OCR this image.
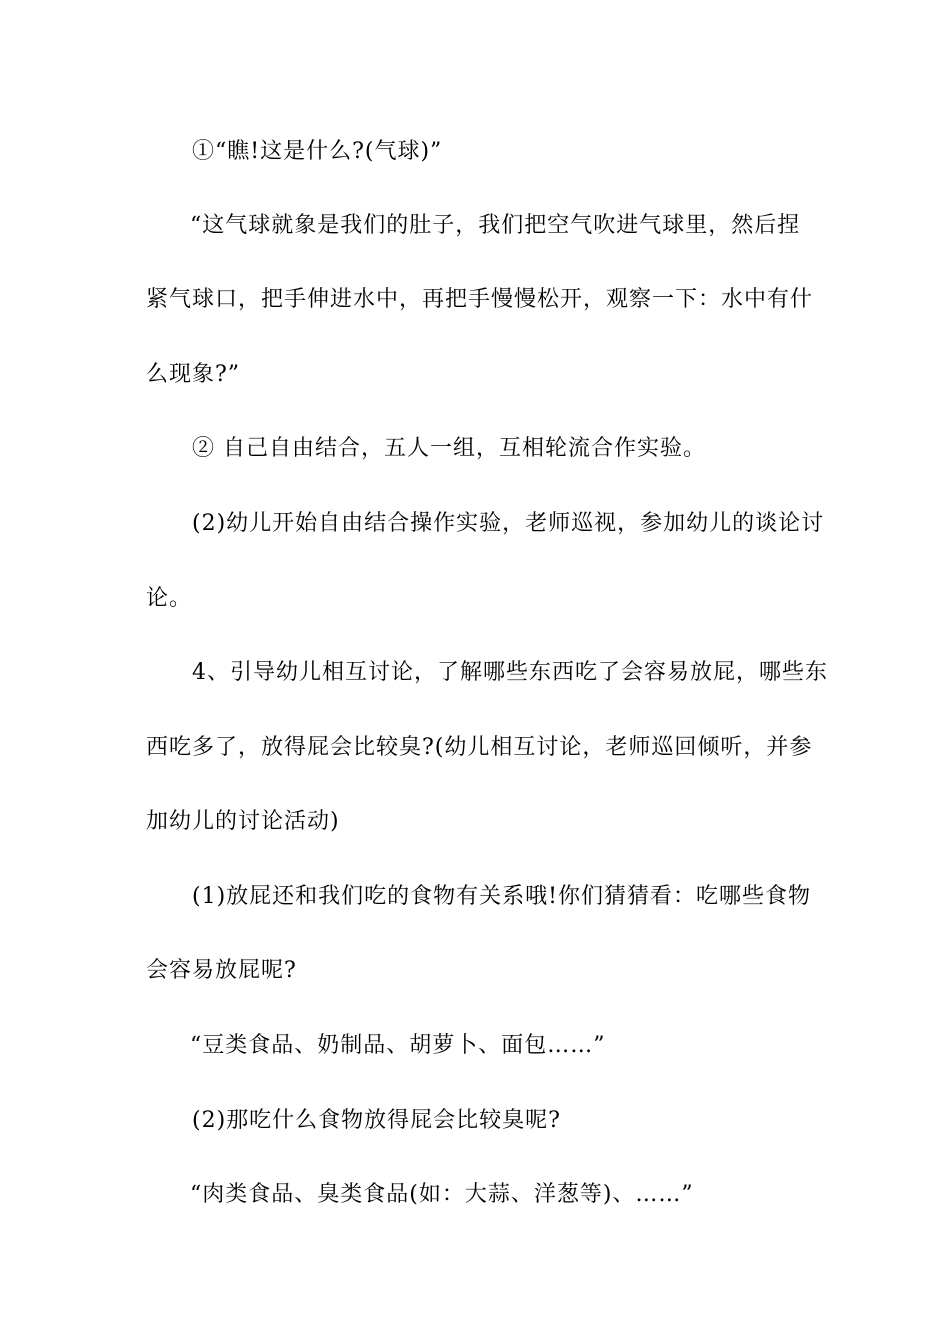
①“瞧!这是什么?(气球)”
“这气球就象是我们的肚子，我们把空气吹进气球里，然后捏
紧气球口，把手伸进水中，再把手慢慢松开，观察一下：水中有什
么现象?”
② 自己自由结合，五人一组，互相轮流合作实验。
(2)幼儿开始自由结合操作实验，老师巡视，参加幼儿的谈论讨
论。
4、引导幼儿相互讨论，了解哪些东西吃了会容易放屁，哪些东
西吃多了，放得屁会比较臭?(幼儿相互讨论，老师巡回倾听，并参
加幼儿的讨论活动)
(1)放屁还和我们吃的食物有关系哦!你们猜猜看：吃哪些食物
会容易放屁呢?
“豆类食品、奶制品、胡萝卜、面包……”
(2)那吃什么食物放得屁会比较臭呢?
“肉类食品、臭类食品(如：大蒜、洋葱等)、……”
